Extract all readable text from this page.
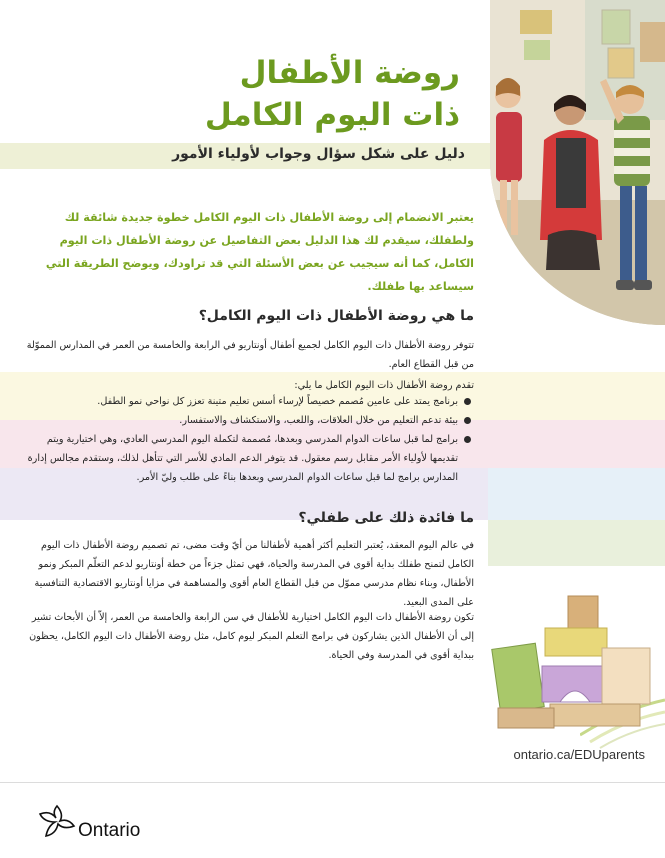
روضة الأطفال
ذات اليوم الكامل
دليل على شكل سؤال وجواب لأولياء الأمور

يعتبر الانضمام إلى روضة الأطفال ذات اليوم الكامل خطوة جديدة شائقة لك ولطفلك، سيقدم لك هذا الدليل بعض التفاصيل عن روضة الأطفال ذات اليوم الكامل، كما أنه سيجيب عن بعض الأسئلة التي قد تراودك، ويوضح الطريقة التي سيساعد بها طفلك.

ما هي روضة الأطفال ذات اليوم الكامل؟

تتوفر روضة الأطفال ذات اليوم الكامل لجميع أطفال أونتاريو في الرابعة والخامسة من العمر في المدارس المموّلة من قبل القطاع العام.

تقدم روضة الأطفال ذات اليوم الكامل ما يلي:

برنامج يمتد على عامين مُصمم خصيصاً لإرساء أسس تعليم متينة تعزز كل نواحي نمو الطفل.
بيئة تدعم التعليم من خلال العلاقات، واللعب، والاستكشاف والاستفسار.
برامج لما قبل ساعات الدوام المدرسي وبعدها، مُصممة لتكملة اليوم المدرسي العادي، وهي اختيارية ويتم تقديمها لأولياء الأمر مقابل رسم معقول. قد يتوفر الدعم المادي للأسر التي تتأهل لذلك، وستقدم مجالس إدارة المدارس برامج لما قبل ساعات الدوام المدرسي وبعدها بناءً على طلب وليّ الأمر.
ما فائدة ذلك على طفلي؟

في عالم اليوم المعقد، يُعتبر التعليم أكثر أهمية لأطفالنا من أيّ وقت مضى، تم تصميم روضة الأطفال ذات اليوم الكامل لتمنح طفلك بداية أقوى في المدرسة والحياة، فهي تمثل جزءاً من خطة أونتاريو لدعم التعلّم المبكر ونمو الأطفال، وبناء نظام مدرسي مموّل من قبل القطاع العام أقوى والمساهمة في مزايا أونتاريو الاقتصادية التنافسية على المدى البعيد.

تكون روضة الأطفال ذات اليوم الكامل اختيارية للأطفال في سن الرابعة والخامسة من العمر، إلاّ أن الأبحاث تشير إلى أن الأطفال الذين يشاركون في برامج التعلم المبكر ليوم كامل، مثل روضة الأطفال ذات اليوم الكامل، يحظون ببداية أقوى في المدرسة وفي الحياة.

ontario.ca/EDUparents
Ontario
